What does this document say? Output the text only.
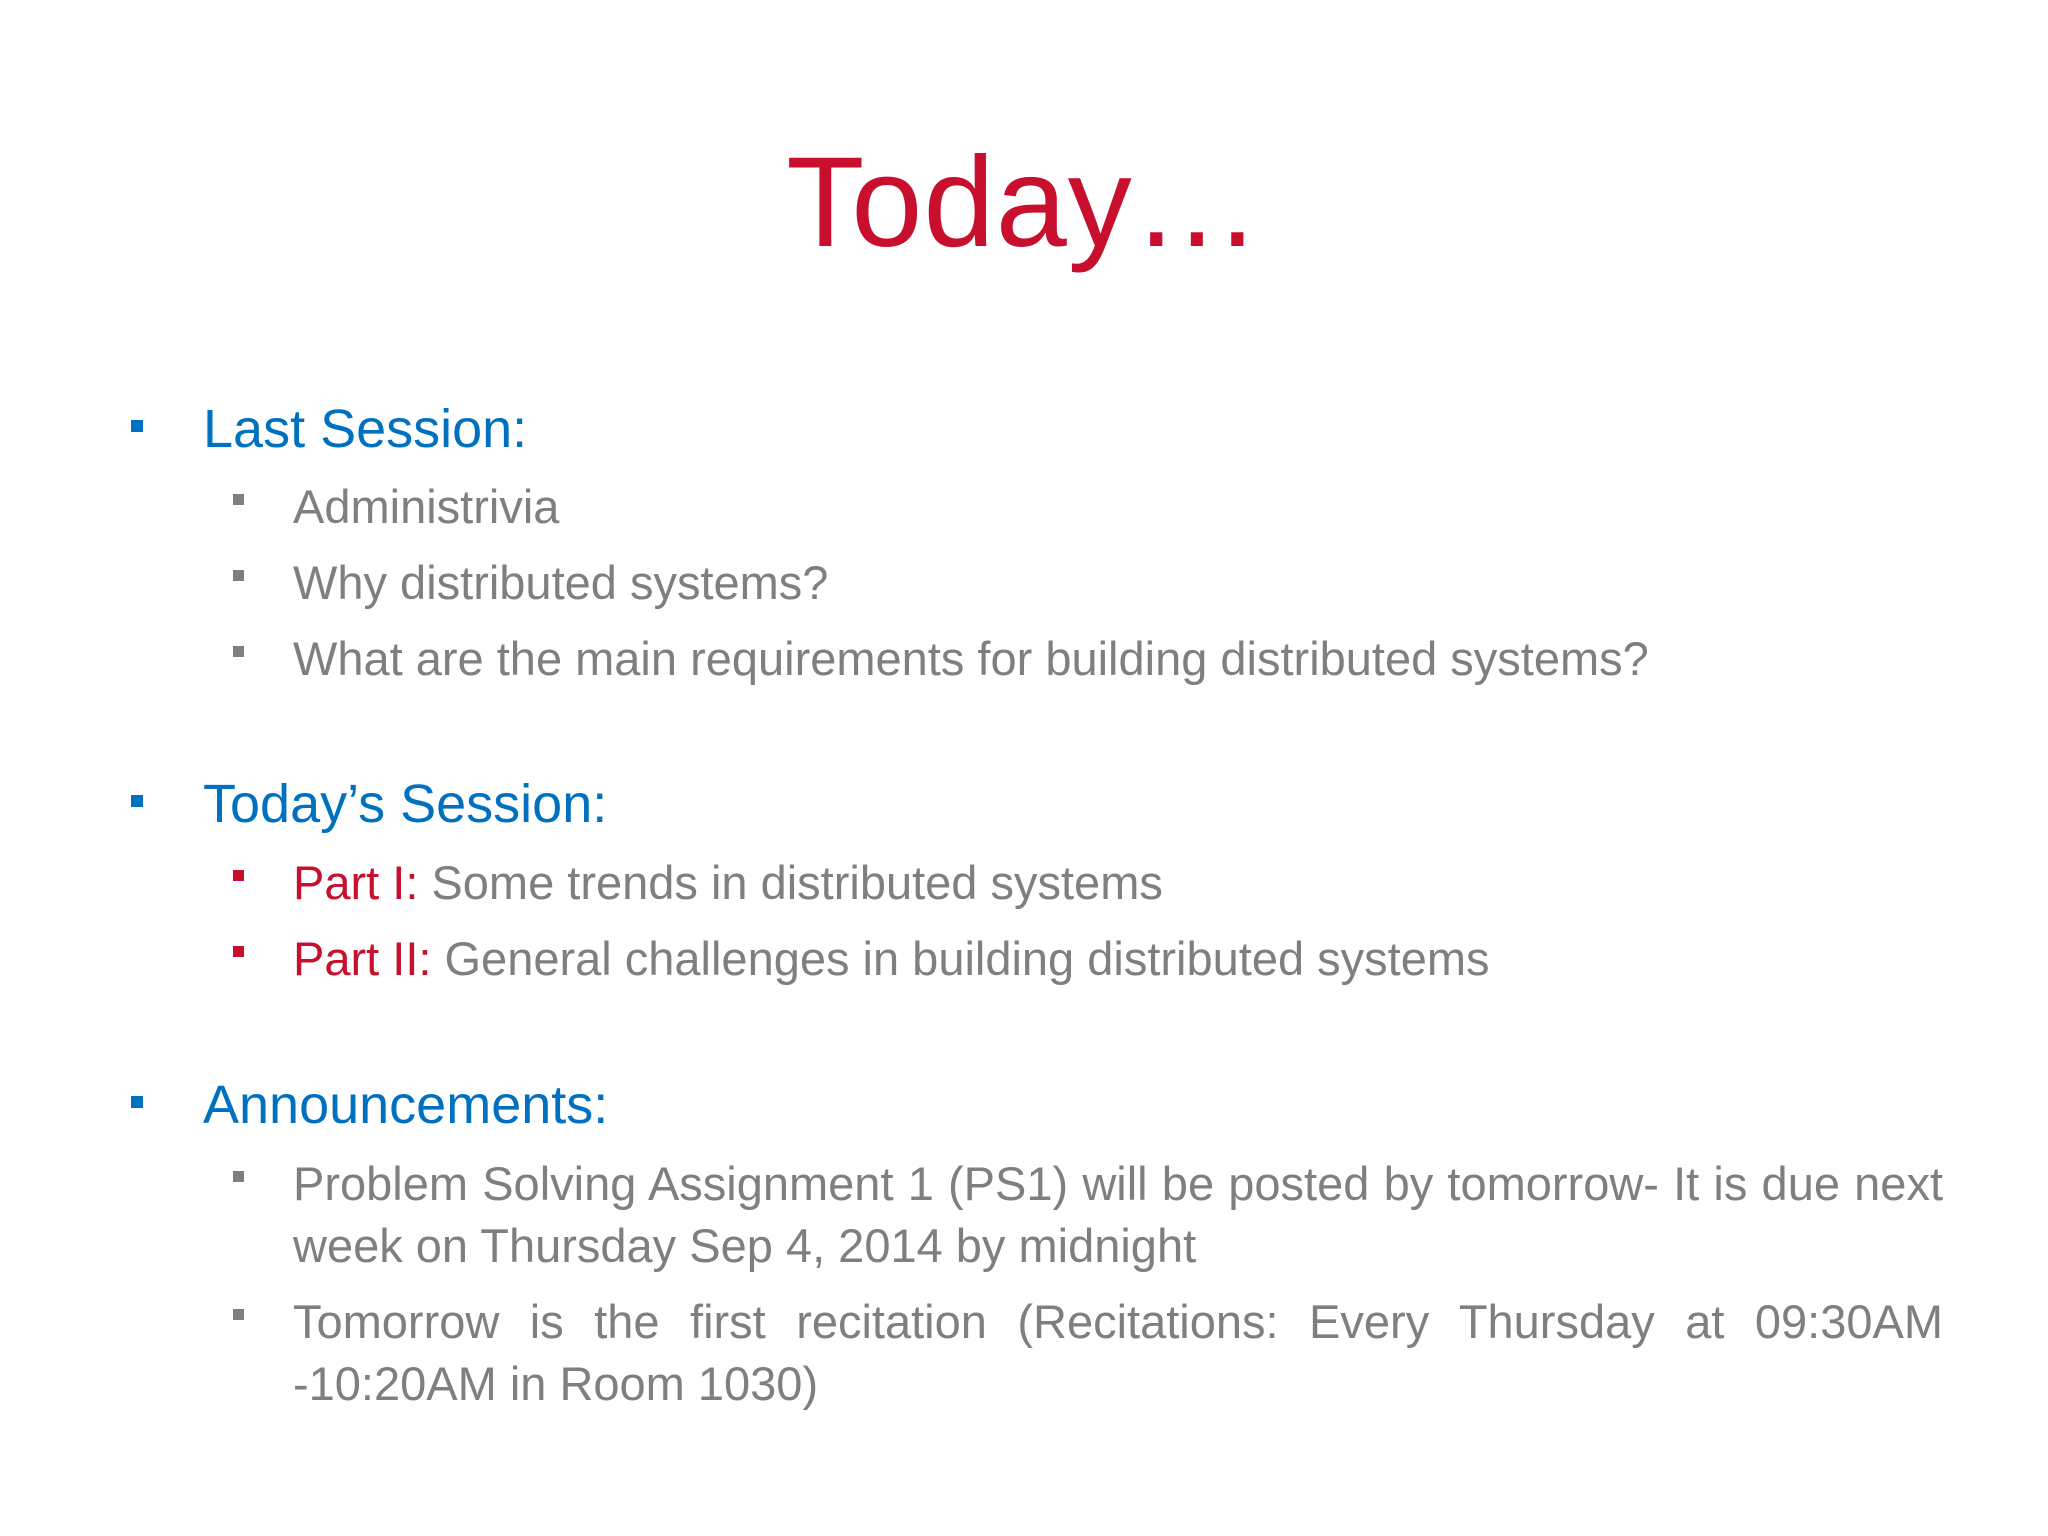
Today…
Last Session:
Administrivia
Why distributed systems?
What are the main requirements for building distributed systems?
Today’s Session:
Part I: Some trends in distributed systems
Part II: General challenges in building distributed systems
Announcements:
Problem Solving Assignment 1 (PS1) will be posted by tomorrow- It is due next week on Thursday Sep 4, 2014 by midnight
Tomorrow is the first recitation (Recitations: Every Thursday at 09:30AM -10:20AM in Room 1030)
